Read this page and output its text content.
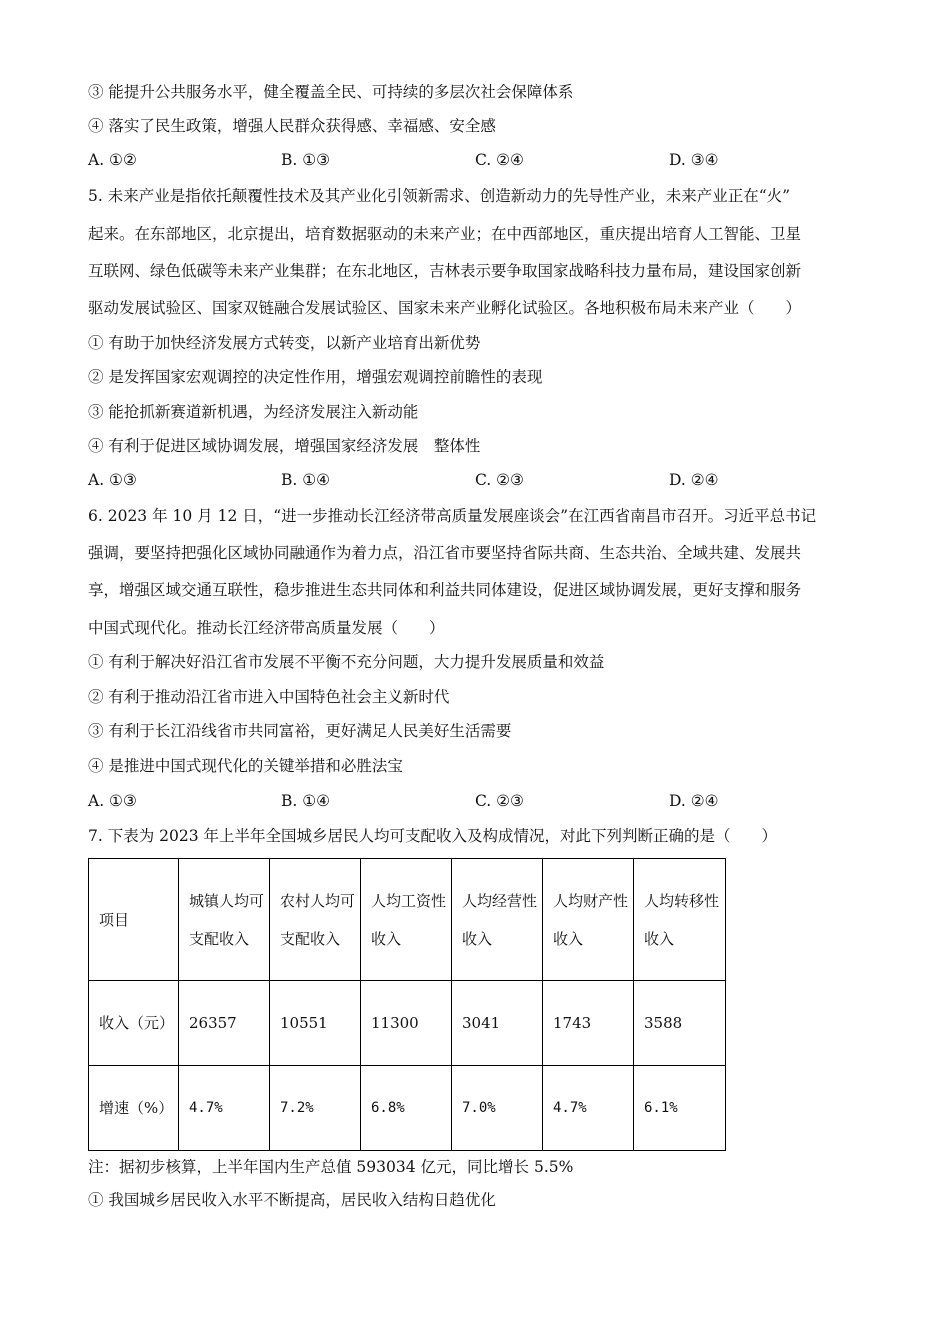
③ 能提升公共服务水平，健全覆盖全民、可持续的多层次社会保障体系
④ 落实了民生政策，增强人民群众获得感、幸福感、安全感
A. ①②	B. ①③	C. ②④	D. ③④
5. 未来产业是指依托颠覆性技术及其产业化引领新需求、创造新动力的先导性产业，未来产业正在“火”
起来。在东部地区，北京提出，培育数据驱动的未来产业；在中西部地区，重庆提出培育人工智能、卫星
互联网、绿色低碳等未来产业集群；在东北地区，吉林表示要争取国家战略科技力量布局，建设国家创新
驱动发展试验区、国家双链融合发展试验区、国家未来产业孵化试验区。各地积极布局未来产业（　　）
① 有助于加快经济发展方式转变，以新产业培育出新优势
② 是发挥国家宏观调控的决定性作用，增强宏观调控前瞻性的表现
③ 能抢抓新赛道新机遇，为经济发展注入新动能
④ 有利于促进区域协调发展，增强国家经济发展　整体性
A. ①③	B. ①④	C. ②③	D. ②④
6. 2023 年 10 月 12 日，“进一步推动长江经济带高质量发展座谈会”在江西省南昌市召开。习近平总书记
强调，要坚持把强化区域协同融通作为着力点，沿江省市要坚持省际共商、生态共治、全域共建、发展共
享，增强区域交通互联性，稳步推进生态共同体和利益共同体建设，促进区域协调发展，更好支撑和服务
中国式现代化。推动长江经济带高质量发展（　　）
① 有利于解决好沿江省市发展不平衡不充分问题，大力提升发展质量和效益
② 有利于推动沿江省市进入中国特色社会主义新时代
③ 有利于长江沿线省市共同富裕，更好满足人民美好生活需要
④ 是推进中国式现代化的关键举措和必胜法宝
A. ①③	B. ①④	C. ②③	D. ②④
7. 下表为 2023 年上半年全国城乡居民人均可支配收入及构成情况，对此下列判断正确的是（　　）
项目	城镇人均可支配收入	农村人均可支配收入	人均工资性收入	人均经营性收入	人均财产性收入	人均转移性收入
收入（元）	26357	10551	11300	3041	1743	3588
增速（%）	4.7%	7.2%	6.8%	7.0%	4.7%	6.1%
注：据初步核算，上半年国内生产总值 593034 亿元，同比增长 5.5%
① 我国城乡居民收入水平不断提高，居民收入结构日趋优化
